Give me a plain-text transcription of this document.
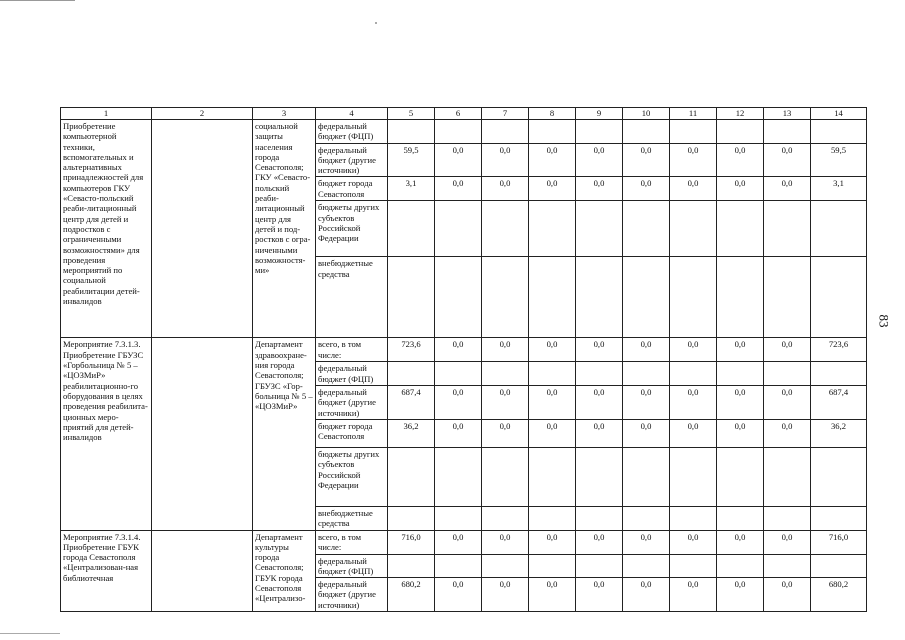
83
1	2	3	4	5	6	7	8	9	10	11	12	13	14
Приобретение компьютерной техники, вспомогательных и альтернативных принадлежностей для компьютеров ГКУ «Севасто-польский реаби-литационный центр для детей и подростков с ограниченными возможностями» для проведения мероприятий по социальной реабилитации детей-инвалидов		социальной защиты населения города Севастополя; ГКУ «Севасто-польский реаби-литационный центр для детей и под-ростков с огра-ниченными возможностя-ми»	федеральный бюджет (ФЦП)										
			федеральный бюджет (другие источники)	59,5	0,0	0,0	0,0	0,0	0,0	0,0	0,0	0,0	59,5
			бюджет города Севастополя	3,1	0,0	0,0	0,0	0,0	0,0	0,0	0,0	0,0	3,1
			бюджеты других субъектов Российской Федерации										
			внебюджетные средства										
Мероприятие 7.3.1.3. Приобретение ГБУЗС «Горбольница № 5 – «ЦОЗМиР» реабилитационно-го оборудования в целях проведения реабилита-ционных меро-приятий для детей-инвалидов		Департамент здравоохране-ния города Севастополя; ГБУЗС «Гор-больница № 5 – «ЦОЗМиР»	всего, в том числе:	723,6	0,0	0,0	0,0	0,0	0,0	0,0	0,0	0,0	723,6
			федеральный бюджет (ФЦП)										
			федеральный бюджет (другие источники)	687,4	0,0	0,0	0,0	0,0	0,0	0,0	0,0	0,0	687,4
			бюджет города Севастополя	36,2	0,0	0,0	0,0	0,0	0,0	0,0	0,0	0,0	36,2
			бюджеты других субъектов Российской Федерации										
			внебюджетные средства										
Мероприятие 7.3.1.4. Приобретение ГБУК города Севастополя «Централизован-ная библиотечная		Департамент культуры города Севастополя; ГБУК города Севастополя «Централизо-	всего, в том числе:	716,0	0,0	0,0	0,0	0,0	0,0	0,0	0,0	0,0	716,0
			федеральный бюджет (ФЦП)										
			федеральный бюджет (другие источники)	680,2	0,0	0,0	0,0	0,0	0,0	0,0	0,0	0,0	680,2
